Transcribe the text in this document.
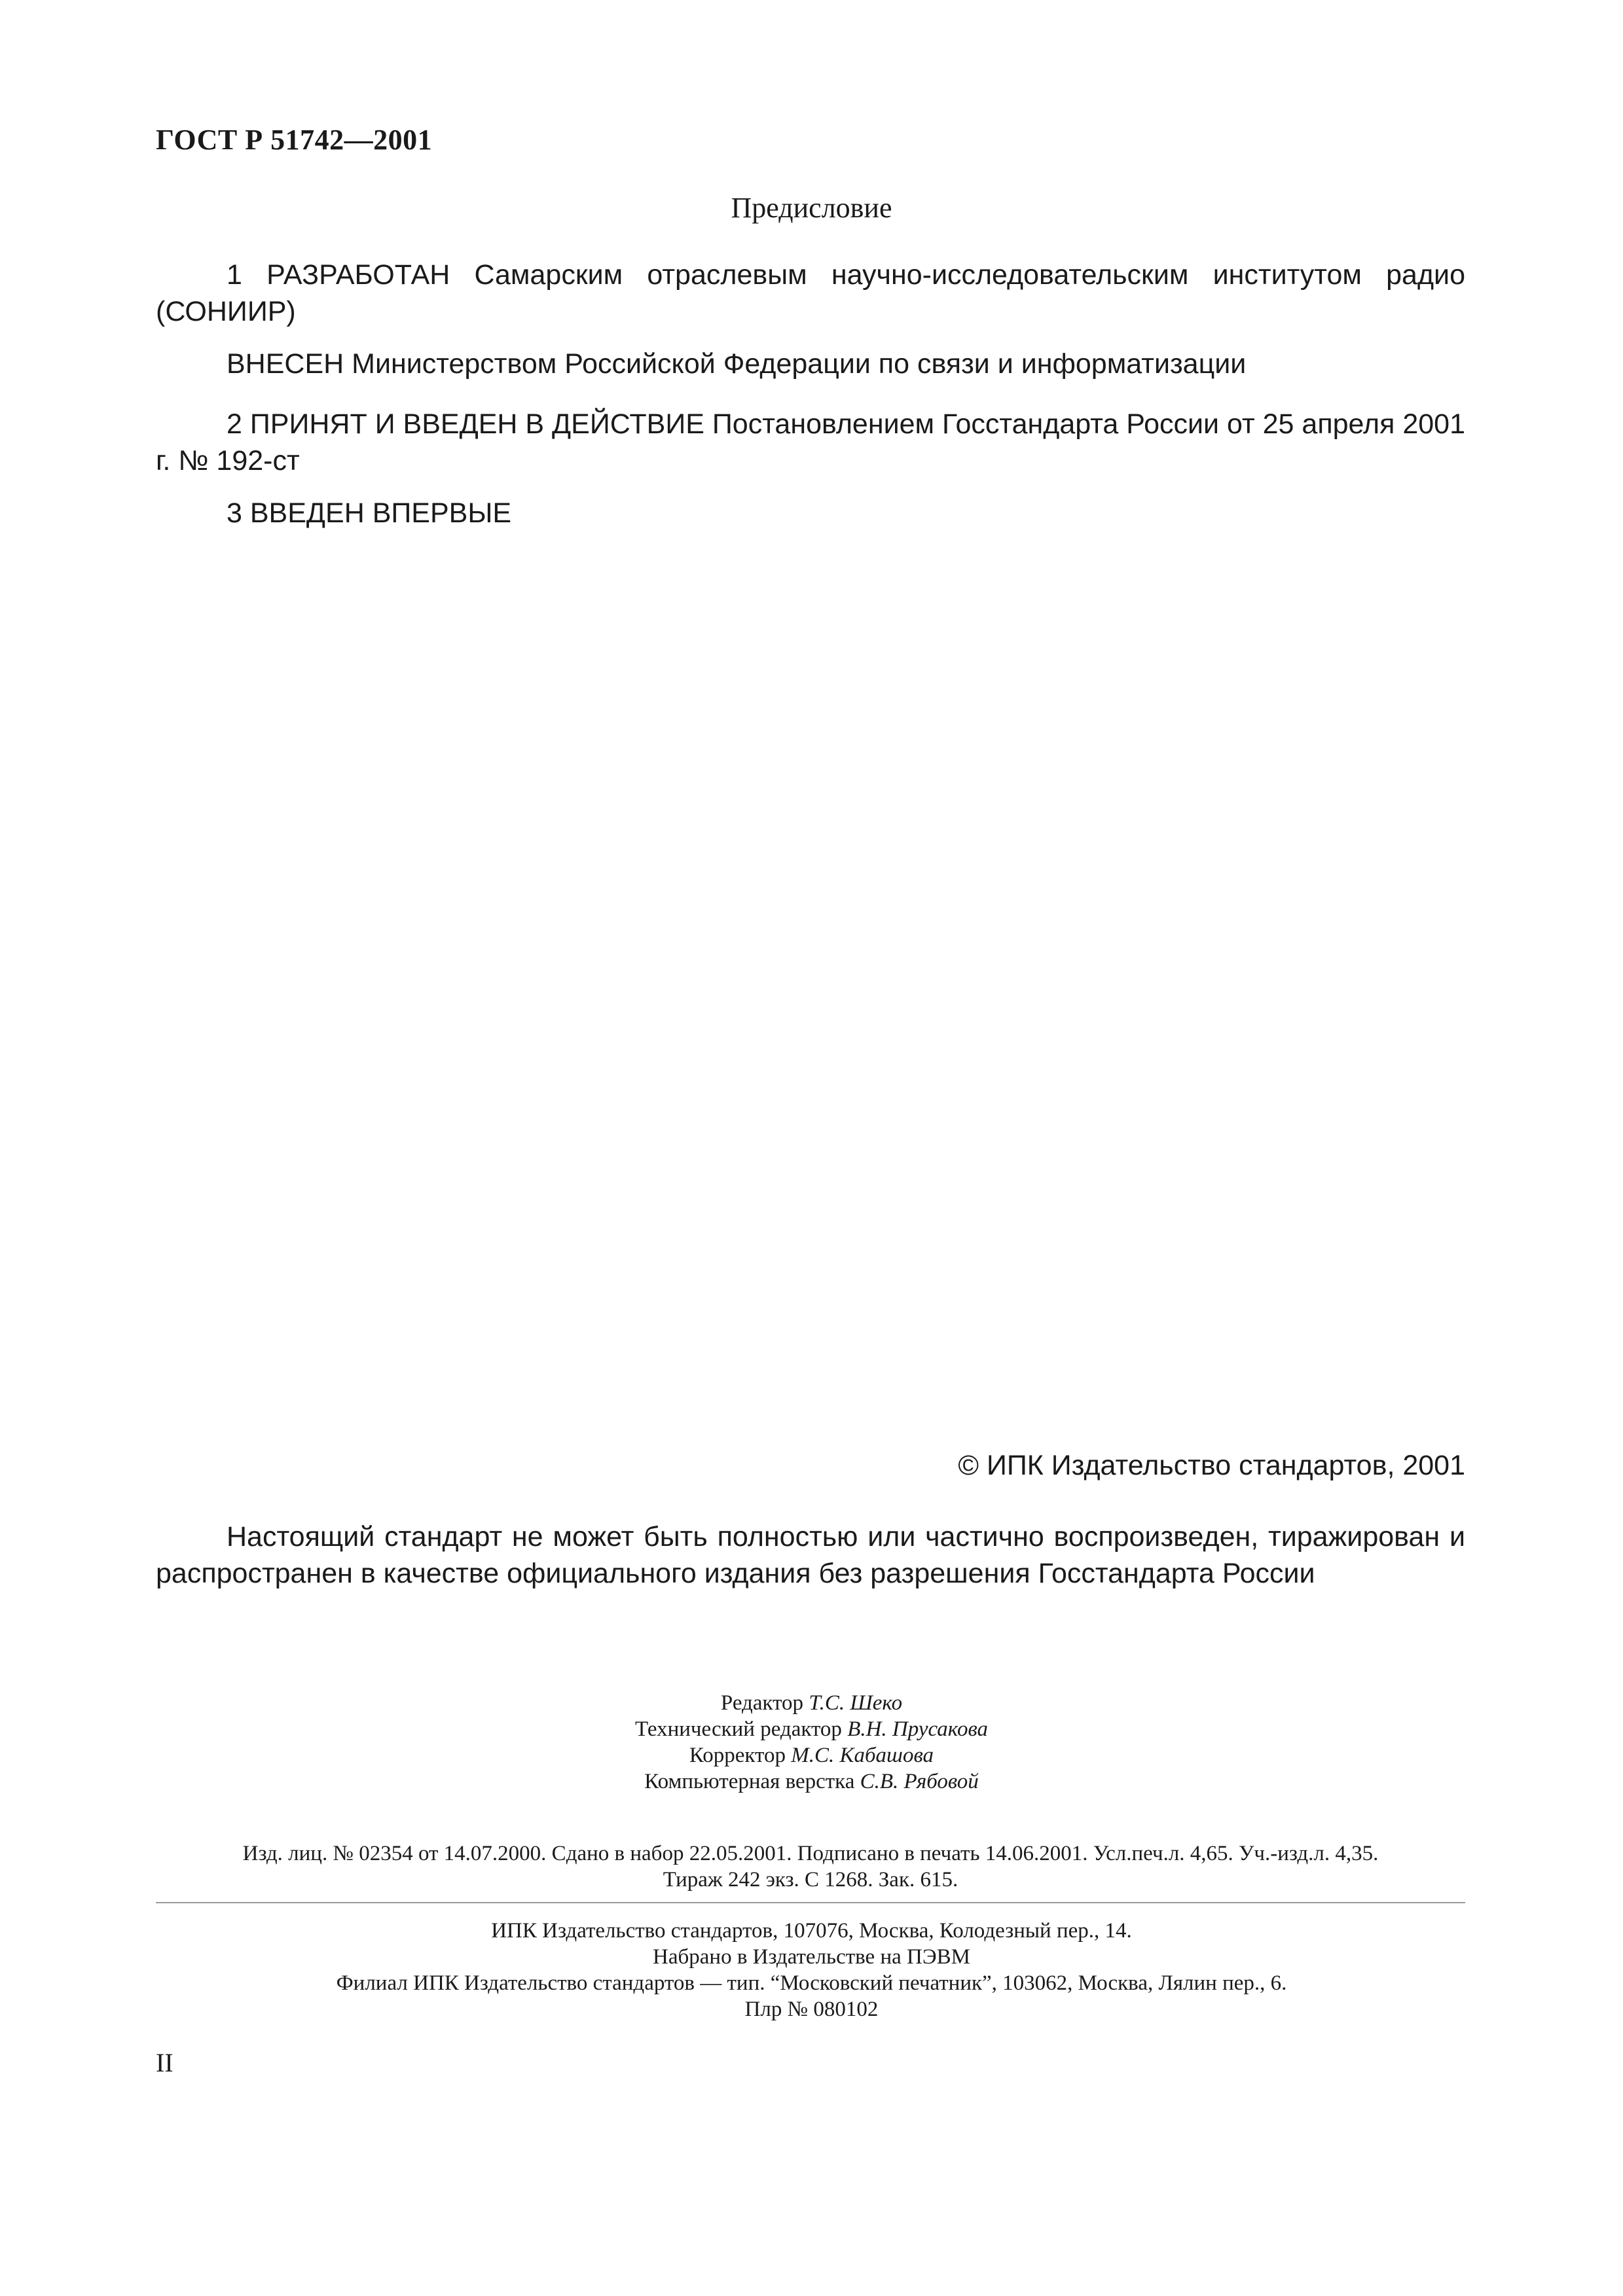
ГОСТ Р 51742—2001
Предисловие
1 РАЗРАБОТАН Самарским отраслевым научно-исследовательским институтом радио (СОНИИР)
ВНЕСЕН Министерством Российской Федерации по связи и информатизации
2 ПРИНЯТ И ВВЕДЕН В ДЕЙСТВИЕ Постановлением Госстандарта России от 25 апреля 2001 г. № 192-ст
3 ВВЕДЕН ВПЕРВЫЕ
© ИПК Издательство стандартов, 2001
Настоящий стандарт не может быть полностью или частично воспроизведен, тиражирован и распространен в качестве официального издания без разрешения Госстандарта России
Редактор Т.С. Шеко
Технический редактор В.Н. Прусакова
Корректор М.С. Кабашова
Компьютерная верстка С.В. Рябовой
Изд. лиц. № 02354 от 14.07.2000. Сдано в набор 22.05.2001. Подписано в печать 14.06.2001. Усл.печ.л. 4,65. Уч.-изд.л. 4,35.
Тираж 242 экз. С 1268. Зак. 615.
ИПК Издательство стандартов, 107076, Москва, Колодезный пер., 14.
Набрано в Издательстве на ПЭВМ
Филиал ИПК Издательство стандартов — тип. “Московский печатник”, 103062, Москва, Лялин пер., 6.
Плр № 080102
II
